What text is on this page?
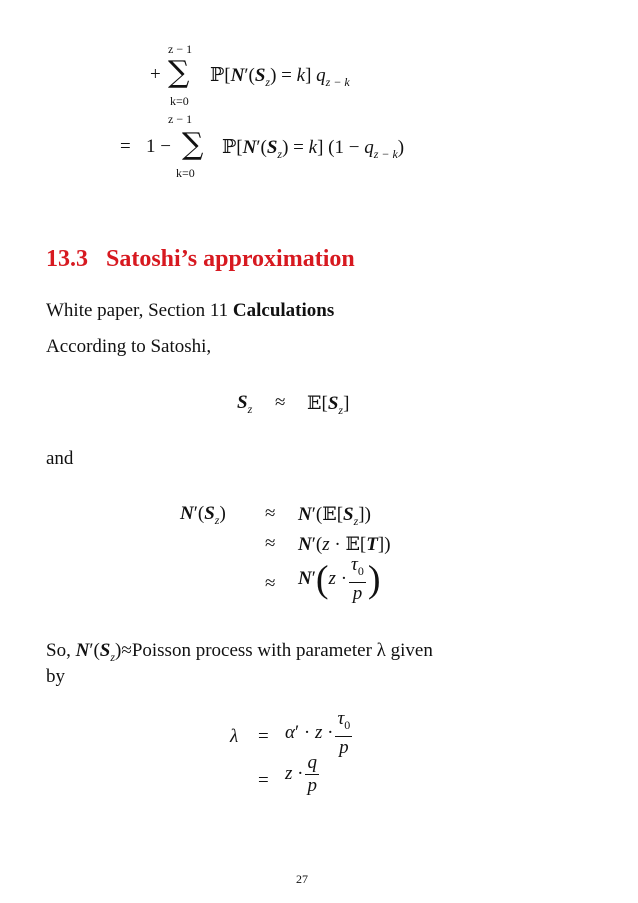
z − 1
+ ∑
k=0
$ℙ[N'(S_z) = k]$ $q_{z - k}$
z − 1
= 1 − ∑
k=0
$ℙ[N'(S_z) = k] (1 - q_{z - k})$
13.3 Satoshi’s approximation
White paper, Section 11 Calculations
According to Satoshi,
$S_z$ ≈ $𝔼[S_z]$
and
$N'(S_z)$ ≈ $N'(𝔼[S_z])$
≈ N′(z · 𝔼[T])
≈ $N'(z \cdot \frac{\tau_0}{p}$ )
So, $N'(S_z)\approx Poisson$ process with parameter λ given
by
$\lambda = \alpha' \cdot z \cdot \frac{\tau_0}{p}$
= $z \cdot \frac{q}{p}$
27
